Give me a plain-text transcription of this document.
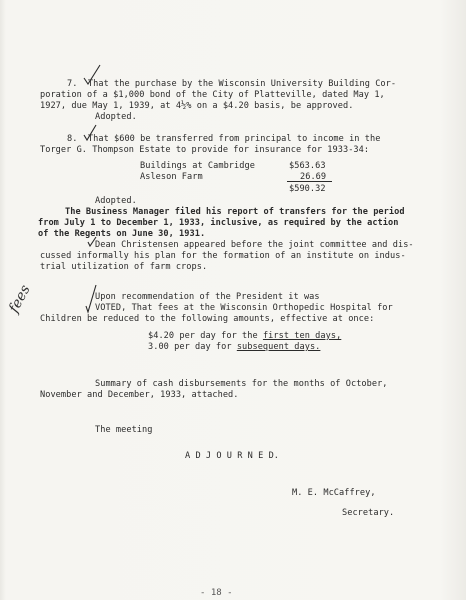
7.  That the purchase by the Wisconsin University Building Cor-
poration of a $1,000 bond of the City of Platteville, dated May 1,
1927, due May 1, 1939, at 4½% on a $4.20 basis, be approved.
Adopted.
8.  That $600 be transferred from principal to income in the
Torger G. Thompson Estate to provide for insurance for 1933-34:
Buildings at Cambridge	$563.63
Asleson Farm	26.69
$590.32
Adopted.
The Business Manager filed his report of transfers for the period
from July 1 to December 1, 1933, inclusive, as required by the action
of the Regents on June 30, 1931.
Dean Christensen appeared before the joint committee and dis-
cussed informally his plan for the formation of an institute on indus-
trial utilization of farm crops.
Upon recommendation of the President it was
VOTED, That fees at the Wisconsin Orthopedic Hospital for
Children be reduced to the following amounts, effective at once:
$4.20 per day for the first ten days,
3.00 per day for subsequent days.
fees
Summary of cash disbursements for the months of October,
November and December, 1933, attached.
The meeting
A D J O U R N E D.
M. E. McCaffrey,
Secretary.
- 18 -
